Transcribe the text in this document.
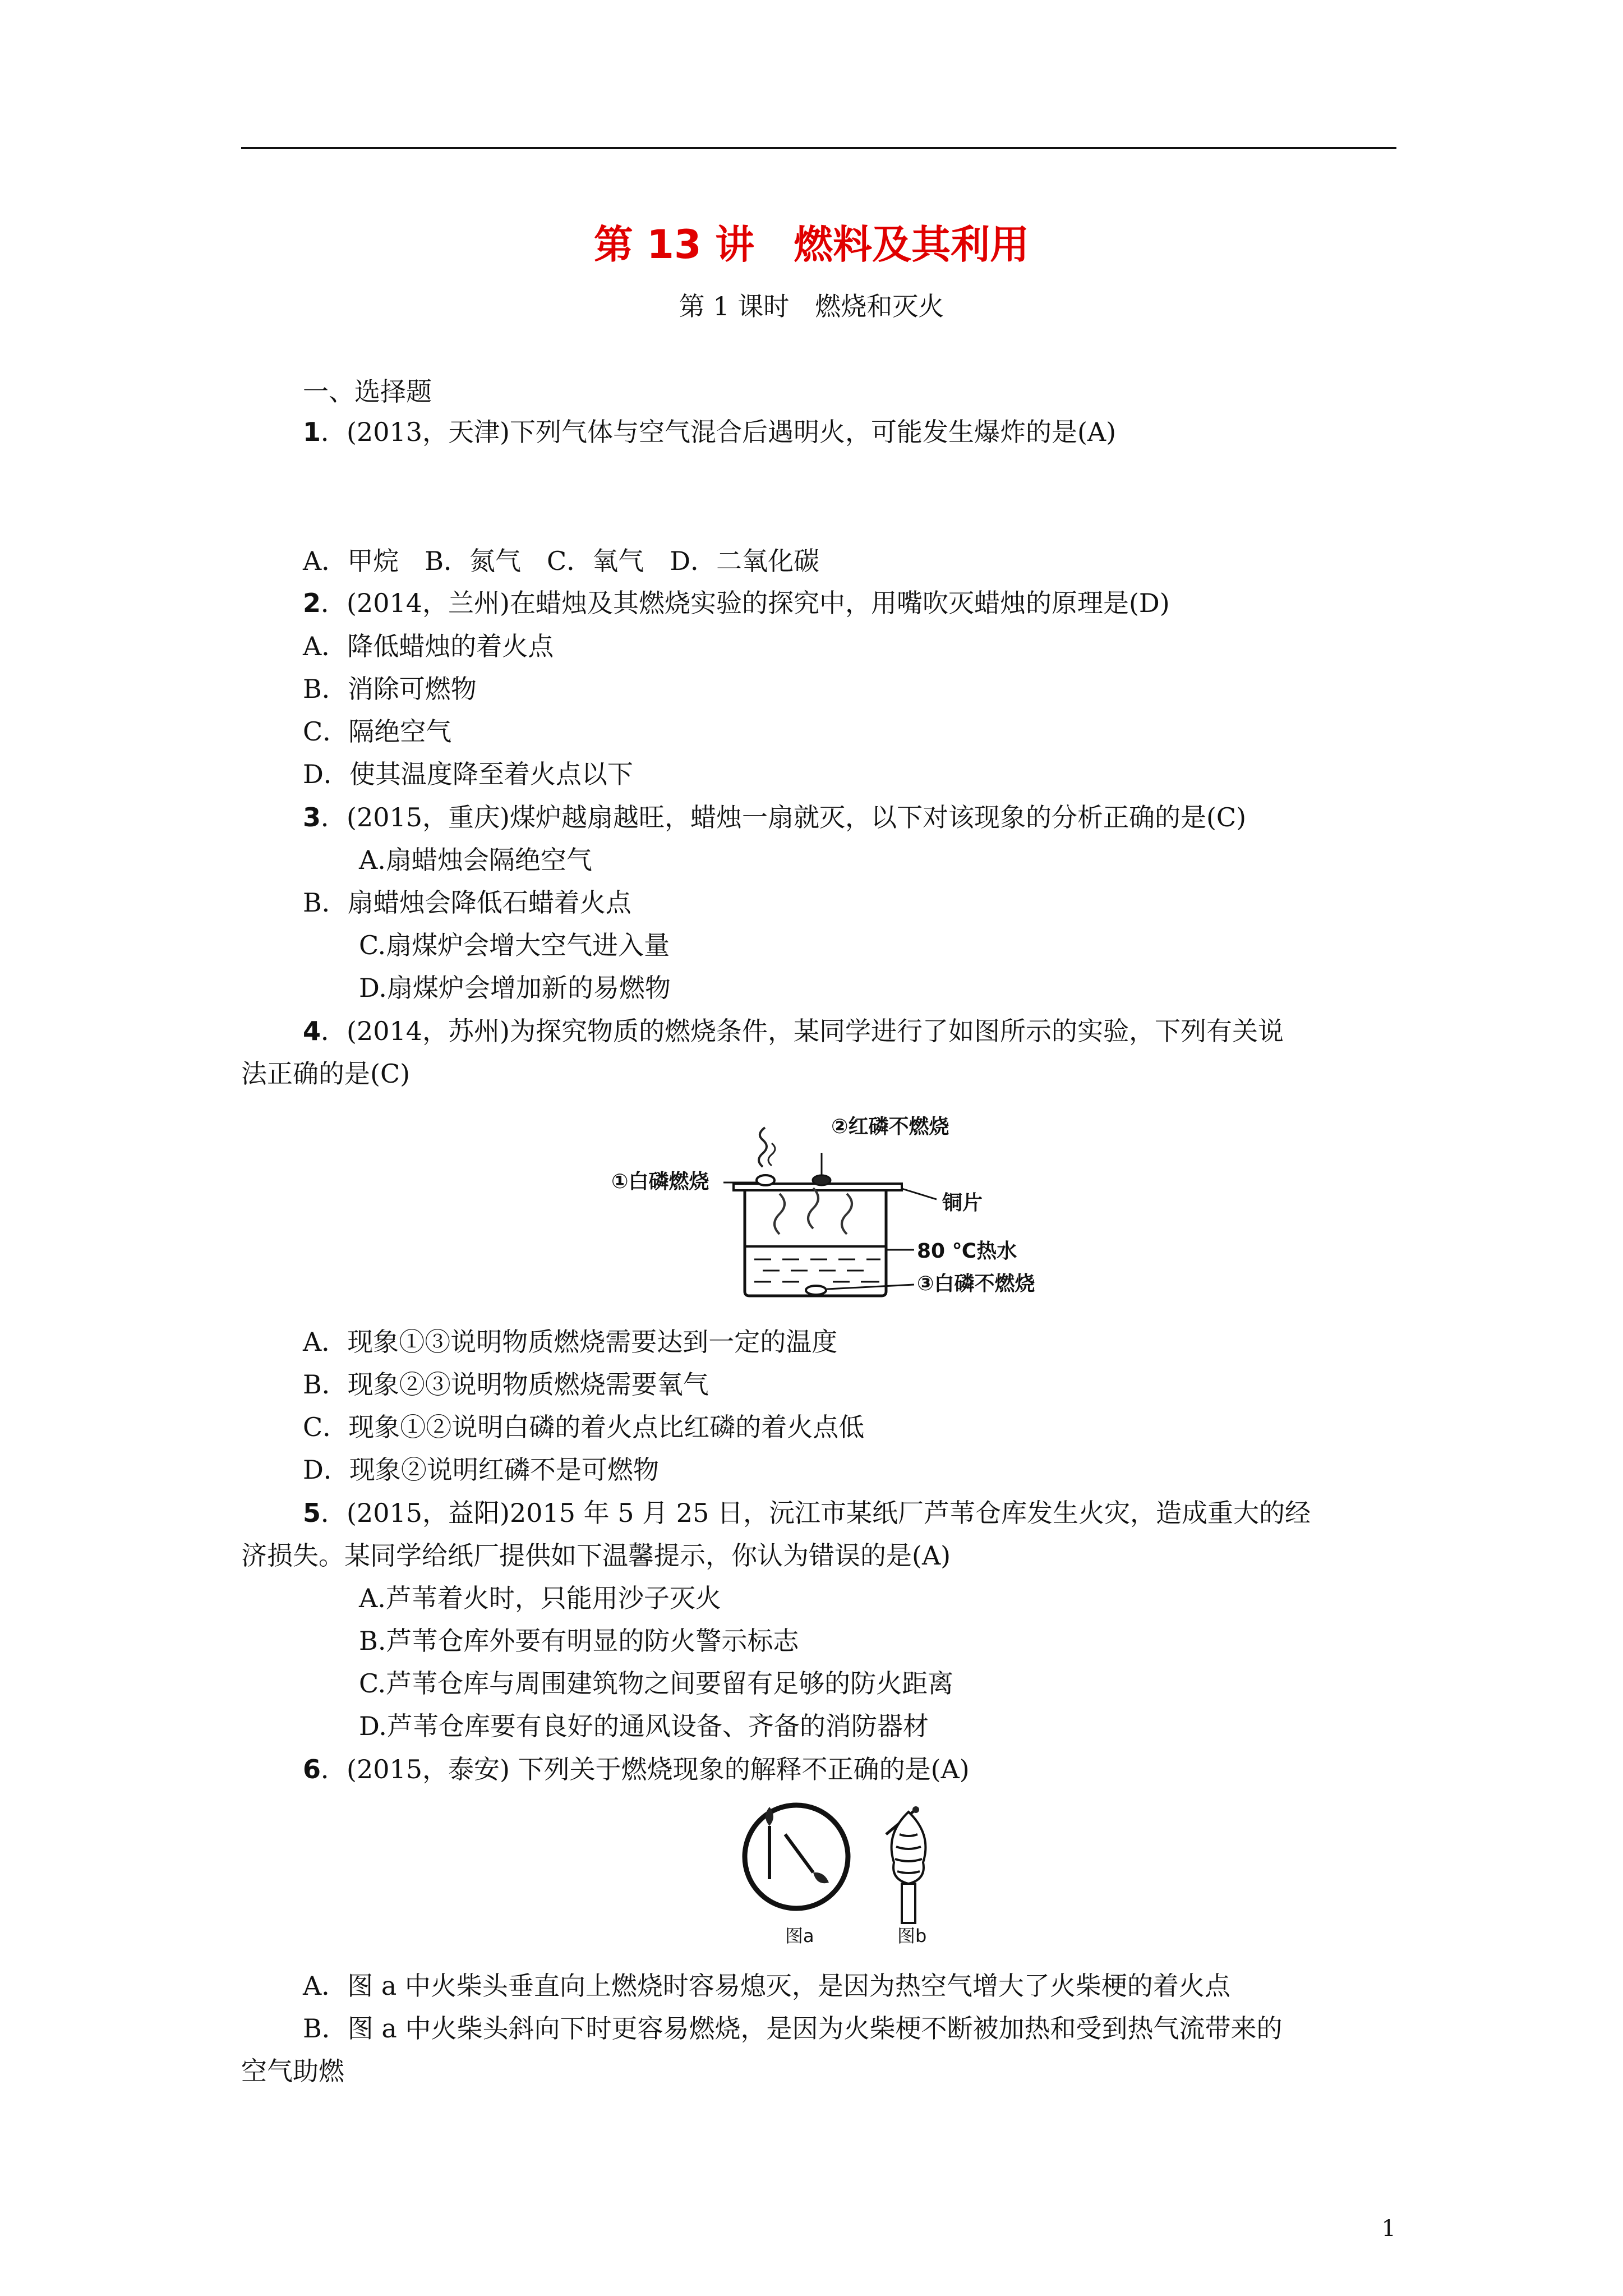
第 13 讲　燃料及其利用
第 1 课时　燃烧和灭火
一、选择题
1．(2013，天津)下列气体与空气混合后遇明火，可能发生爆炸的是(A)
A．甲烷　B．氮气　C．氧气　D．二氧化碳
2．(2014，兰州)在蜡烛及其燃烧实验的探究中，用嘴吹灭蜡烛的原理是(D)
A．降低蜡烛的着火点
B．消除可燃物
C．隔绝空气
D．使其温度降至着火点以下
3．(2015，重庆)煤炉越扇越旺，蜡烛一扇就灭，以下对该现象的分析正确的是(C)
A.扇蜡烛会隔绝空气
B．扇蜡烛会降低石蜡着火点
C.扇煤炉会增大空气进入量
D.扇煤炉会增加新的易燃物
4．(2014，苏州)为探究物质的燃烧条件，某同学进行了如图所示的实验，下列有关说
法正确的是(C)
②红磷不燃烧
①白磷燃烧
铜片
80 ℃热水
③白磷不燃烧
A．现象①③说明物质燃烧需要达到一定的温度
B．现象②③说明物质燃烧需要氧气
C．现象①②说明白磷的着火点比红磷的着火点低
D．现象②说明红磷不是可燃物
5．(2015，益阳)2015 年 5 月 25 日，沅江市某纸厂芦苇仓库发生火灾，造成重大的经
济损失。某同学给纸厂提供如下温馨提示，你认为错误的是(A)
A.芦苇着火时，只能用沙子灭火
B.芦苇仓库外要有明显的防火警示标志
C.芦苇仓库与周围建筑物之间要留有足够的防火距离
D.芦苇仓库要有良好的通风设备、齐备的消防器材
6．(2015，泰安) 下列关于燃烧现象的解释不正确的是(A)
图a	图b
A．图 a 中火柴头垂直向上燃烧时容易熄灭，是因为热空气增大了火柴梗的着火点
B．图 a 中火柴头斜向下时更容易燃烧，是因为火柴梗不断被加热和受到热气流带来的
空气助燃
1
